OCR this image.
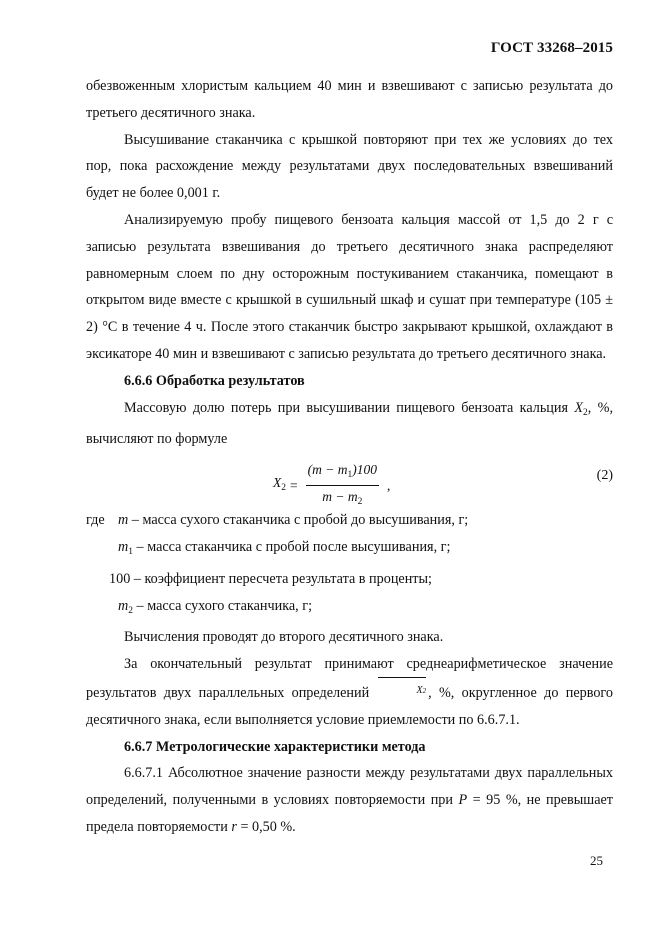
ГОСТ 33268–2015

обезвоженным хлористым кальцием 40 мин и взвешивают с записью результата до третьего десятичного знака.

Высушивание стаканчика с крышкой повторяют при тех же условиях до тех пор, пока расхождение между результатами двух последовательных взвешиваний будет не более 0,001 г.

Анализируемую пробу пищевого бензоата кальция массой от 1,5 до 2 г с записью результата взвешивания до третьего десятичного знака распределяют равномерным слоем по дну осторожным постукиванием стаканчика, помещают в открытом виде вместе с крышкой в сушильный шкаф и сушат при температуре (105 ± 2) °С в течение 4 ч. После этого стаканчик быстро закрывают крышкой, охлаждают в эксикаторе 40 мин и взвешивают с записью результата до третьего десятичного знака.

6.6.6 Обработка результатов

Массовую долю потерь при высушивании пищевого бензоата кальция $X_2$, %, вычисляют по формуле

$X_2 = \frac{(m - m_1)100}{m - m_2}$ ,
(2)

где m – масса сухого стаканчика с пробой до высушивания, г;

$m_1$ – масса стаканчика с пробой после высушивания, г;

100 – коэффициент пересчета результата в проценты;

$m_2$ – масса сухого стаканчика, г;

Вычисления проводят до второго десятичного знака.

За окончательный результат принимают среднеарифметическое значение результатов двух параллельных определений	X2 , %, округленное до первого десятичного знака, если выполняется условие приемлемости по 6.6.7.1.

6.6.7 Метрологические характеристики метода

6.6.7.1 Абсолютное значение разности между результатами двух параллельных определений, полученными в условиях повторяемости при P = 95 %, не превышает предела повторяемости r = 0,50 %.

25
